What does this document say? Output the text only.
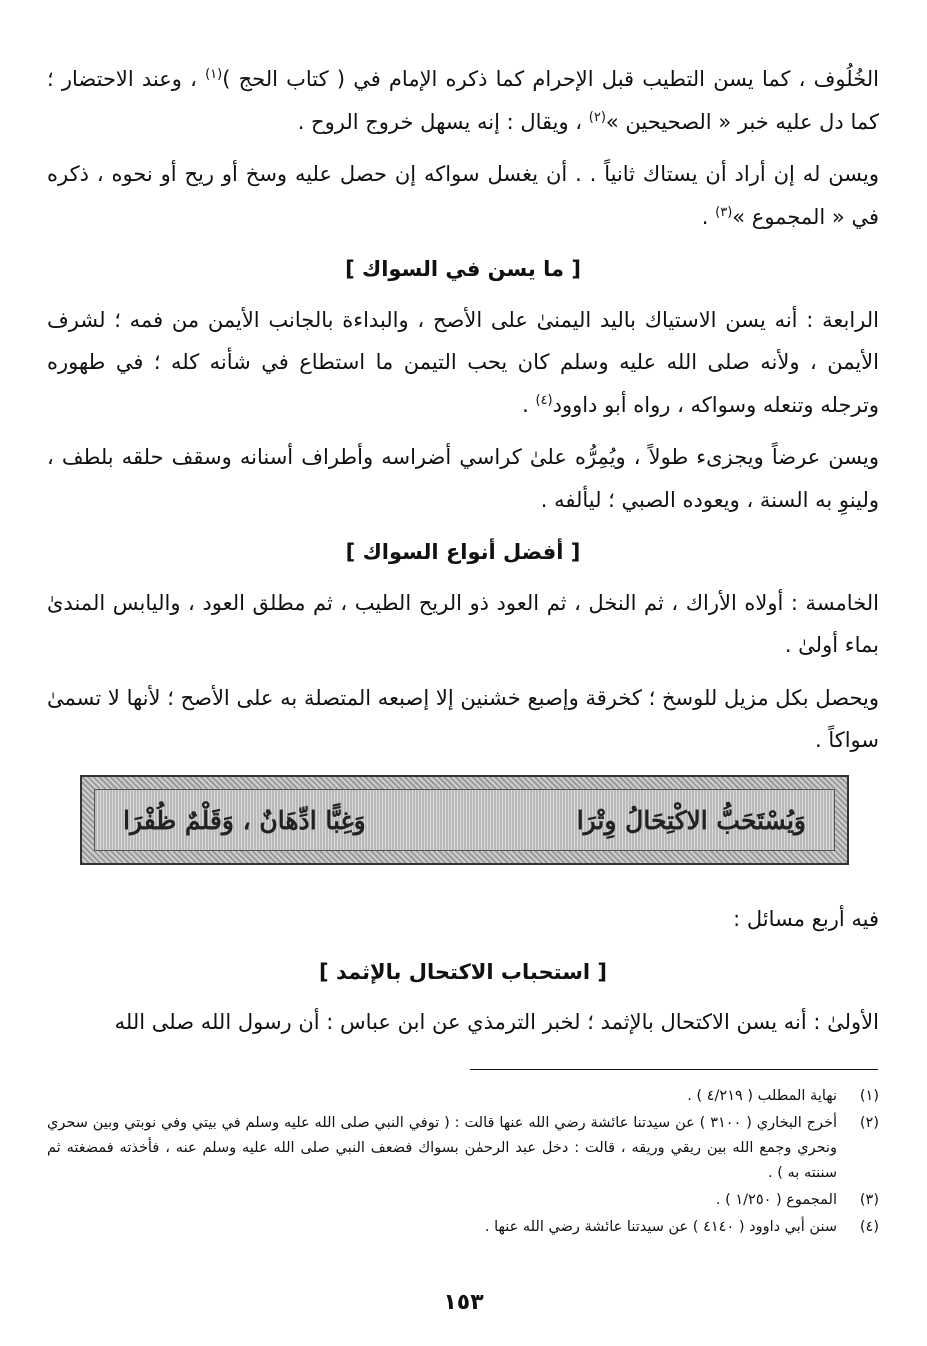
الخُلُوف ، كما يسن التطيب قبل الإحرام كما ذكره الإمام في ( كتاب الحج )$^{(١)}$ ، وعند الاحتضار ؛ كما دل عليه خبر « الصحيحين »$^{(٢)}$ ، ويقال : إنه يسهل خروج الروح .

ويسن له إن أراد أن يستاك ثانياً . . أن يغسل سواكه إن حصل عليه وسخ أو ريح أو نحوه ، ذكره في « المجموع »$^{(٣)}$ .

[ ما يسن في السواك ]

الرابعة : أنه يسن الاستياك باليد اليمنىٰ على الأصح ، والبداءة بالجانب الأيمن من فمه ؛ لشرف الأيمن ، ولأنه صلى الله عليه وسلم كان يحب التيمن ما استطاع في شأنه كله ؛ في طهوره وترجله وتنعله وسواكه ، رواه أبو داوود$^{(٤)}$ .

ويسن عرضاً ويجزىء طولاً ، ويُمِرُّه علىٰ كراسي أضراسه وأطراف أسنانه وسقف حلقه بلطف ، ولينوِ به السنة ، ويعوده الصبي ؛ ليألفه .

[ أفضل أنواع السواك ]

الخامسة : أولاه الأراك ، ثم النخل ، ثم العود ذو الريح الطيب ، ثم مطلق العود ، واليابس المندىٰ بماء أولىٰ .

ويحصل بكل مزيل للوسخ ؛ كخرقة وإصبع خشنين إلا إصبعه المتصلة به على الأصح ؛ لأنها لا تسمىٰ سواكاً .

وَيُسْتَحَبُّ الاكْتِحَالُ وِتْرَا
وَغِبًّا ادِّهَانٌ ، وَقَلْمٌ ظُفْرَا

فيه أربع مسائل :

[ استحباب الاكتحال بالإثمد ]

الأولىٰ : أنه يسن الاكتحال بالإثمد ؛ لخبر الترمذي عن ابن عباس : أن رسول الله صلى الله

(١)
نهاية المطلب ( ٤/٢١٩ ) .
(٢)
أخرج البخاري ( ٣١٠٠ ) عن سيدتنا عائشة رضي الله عنها قالت : ( توفي النبي صلى الله عليه وسلم في بيتي وفي نوبتي وبين سحري ونحري وجمع الله بين ريقي وريقه ، قالت : دخل عبد الرحمٰن بسواك فضعف النبي صلى الله عليه وسلم عنه ، فأخذته فمضغته ثم سننته به ) .
(٣)
المجموع ( ١/٢٥٠ ) .
(٤)
سنن أبي داوود ( ٤١٤٠ ) عن سيدتنا عائشة رضي الله عنها .
١٥٣
